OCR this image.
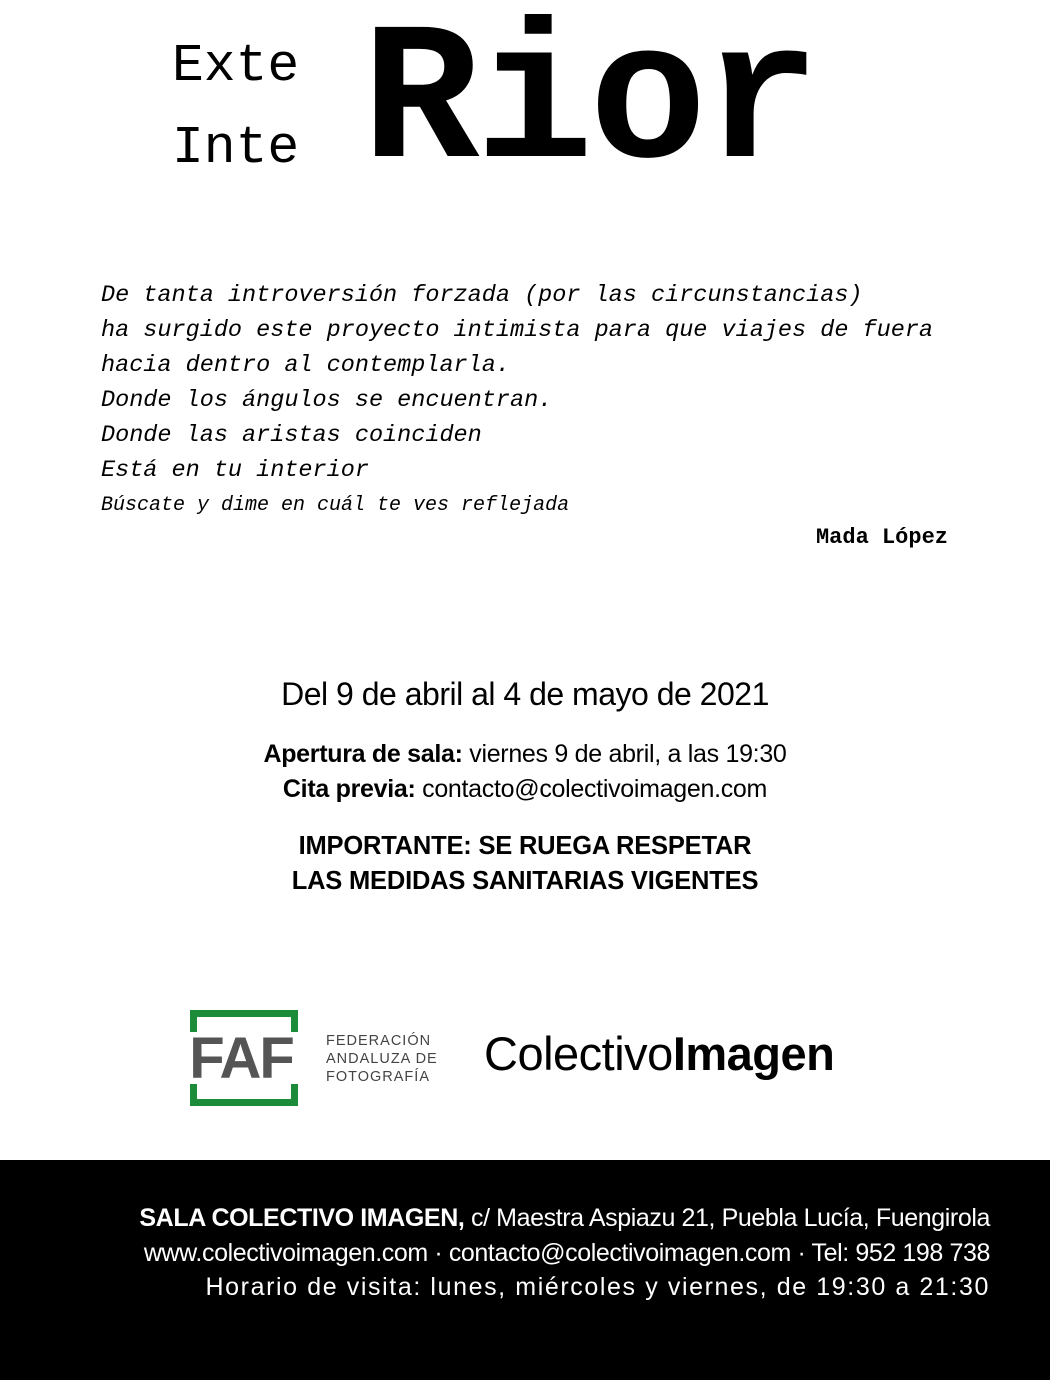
Exte
Inte Rior
De tanta introversión forzada (por las circunstancias)
ha surgido este proyecto intimista para que viajes de fuera
hacia dentro al contemplarla.
Donde los ángulos se encuentran.
Donde las aristas coinciden
Está en tu interior
Búscate y dime en cuál te ves reflejada
Mada López
Del 9 de abril al 4 de mayo de 2021
Apertura de sala: viernes 9 de abril, a las 19:30
Cita previa: contacto@colectivoimagen.com
IMPORTANTE: SE RUEGA RESPETAR
LAS MEDIDAS SANITARIAS VIGENTES
FAF	FEDERACIÓN
ANDALUZA DE
FOTOGRAFÍA ColectivoImagen
SALA COLECTIVO IMAGEN, c/ Maestra Aspiazu 21, Puebla Lucía, Fuengirola
www.colectivoimagen.com · contacto@colectivoimagen.com · Tel: 952 198 738
Horario de visita: lunes, miércoles y viernes, de 19:30 a 21:30
